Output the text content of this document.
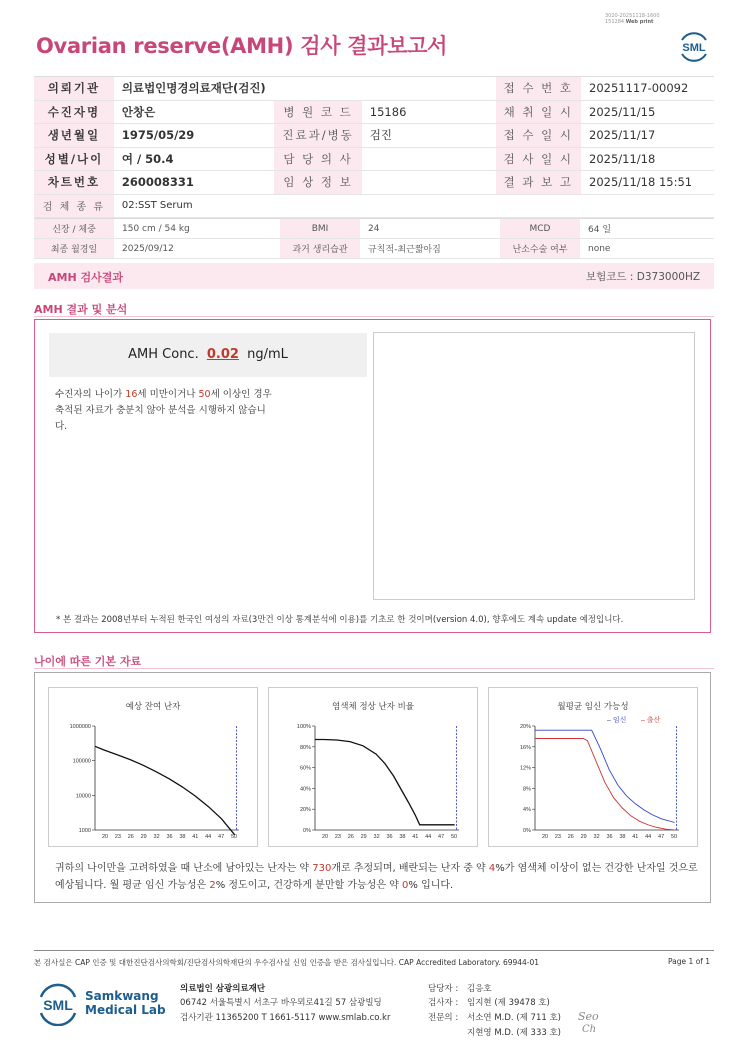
Ovarian reserve(AMH) 검사 결과보고서
3020-20251118-1600
151284 Web print
SML
의뢰기관	의료법인명경의료재단(검진)			접 수 번 호	20251117-00092
수진자명	안창은	병 원 코 드	15186	채 취 일 시	2025/11/15
생년월일	1975/05/29	진료과/병동	검진	접 수 일 시	2025/11/17
성별/나이	여 / 50.4	담 당 의 사		검 사 일 시	2025/11/18
차트번호	260008331	임 상 정 보		결 과 보 고	2025/11/18 15:51
검 체 종 류	02:SST Serum				
신장 / 체중	150 cm / 54 kg	BMI	24	MCD	64 일
최종 월경일	2025/09/12	과거 생리습관	규칙적-최근짧아짐	난소수술 여부	none
AMH 검사결과	보험코드 : D373000HZ
AMH 결과 및 분석
AMH Conc. 0.02 ng/mL
수진자의 나이가 16세 미만이거나 50세 이상인 경우 축적된 자료가 충분치 않아 분석을 시행하지 않습니다.
* 본 결과는 2008년부터 누적된 한국인 여성의 자료(3만건 이상 통계분석에 이용)를 기초로 한 것이며(version 4.0), 향후에도 계속 update 예정입니다.
나이에 따른 기본 자료
예상 잔여 난자
1000000
100000
10000
1000
20 23 26 29 32 36 38 41 44 47 50
염색체 정상 난자 비율
100%
80%
60%
40%
20%
0%
20 23 26 29 32 36 38 41 44 47 50
월평균 임신 가능성
20%
16%
12%
8%
4%
0%
20 23 26 29 32 36 38 41 44 47 50
– 임신 – 출산
귀하의 나이만을 고려하였을 때 난소에 남아있는 난자는 약 730개로 추정되며, 배란되는 난자 중 약 4%가 염색체 이상이 없는 건강한 난자일 것으로 예상됩니다. 월 평균 임신 가능성은 2% 정도이고, 건강하게 분만할 가능성은 약 0% 입니다.
본 검사실은 CAP 인증 및 대한진단검사의학회/진단검사의학재단의 우수검사실 신임 인증을 받은 검사실입니다. CAP Accredited Laboratory. 69944-01	Page 1 of 1
SML
Samkwang
Medical Lab
의료법인 삼광의료재단
06742 서울특별시 서초구 바우뫼로41길 57 삼광빌딩
검사기관 11365200 T 1661-5117 www.smlab.co.kr
담당자 : 김응호
검사자 : 임지현 (제 39478 호)
전문의 : 서소연 M.D. (제 711 호)
지현영 M.D. (제 333 호)
Seo
Ch
